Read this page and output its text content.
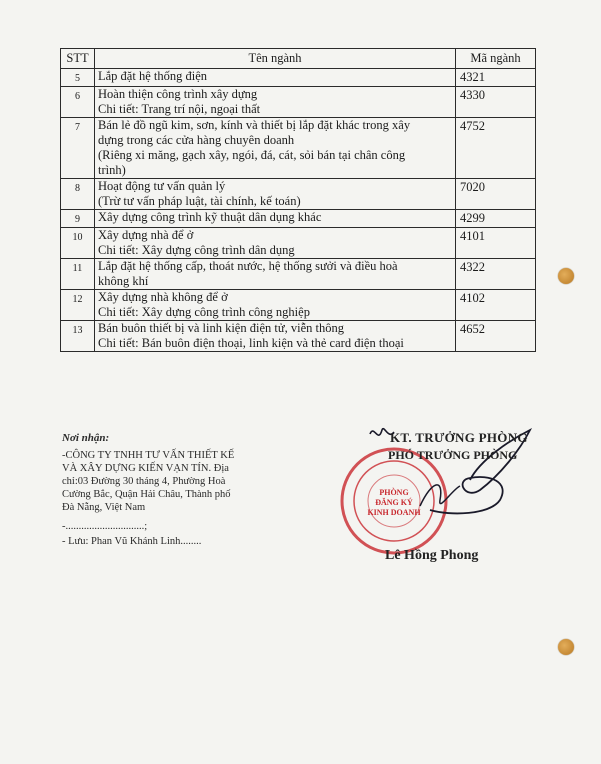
STT	Tên ngành	Mã ngành
5	Lắp đặt hệ thống điện	4321
6	Hoàn thiện công trình xây dựng
Chi tiết: Trang trí nội, ngoại thất	4330
7	Bán lẻ đồ ngũ kim, sơn, kính và thiết bị lắp đặt khác trong xây
dựng trong các cửa hàng chuyên doanh
(Riêng xi măng, gạch xây, ngói, đá, cát, sỏi bán tại chân công
trình)	4752
8	Hoạt động tư vấn quản lý
(Trừ tư vấn pháp luật, tài chính, kế toán)	7020
9	Xây dựng công trình kỹ thuật dân dụng khác	4299
10	Xây dựng nhà để ở
Chi tiết: Xây dựng công trình dân dụng	4101
11	Lắp đặt hệ thống cấp, thoát nước, hệ thống sưởi và điều hoà
không khí	4322
12	Xây dựng nhà không để ở
Chi tiết: Xây dựng công trình công nghiệp	4102
13	Bán buôn thiết bị và linh kiện điện tử, viễn thông
Chi tiết: Bán buôn điện thoại, linh kiện và thẻ card điện thoại	4652
Nơi nhận:
-CÔNG TY TNHH TƯ VẤN THIẾT KẾ
VÀ XÂY DỰNG KIẾN VẠN TÍN. Địa
chỉ:03 Đường 30 tháng 4, Phường Hoà
Cường Bắc, Quận Hải Châu, Thành phố
Đà Nẵng, Việt Nam
-..............................;
- Lưu: Phan Vũ Khánh Linh........
PHÒNG
ĐĂNG KÝ
KINH DOANH
KT. TRƯỞNG PHÒNG
PHÓ TRƯỞNG PHÒNG
Lê Hồng Phong
